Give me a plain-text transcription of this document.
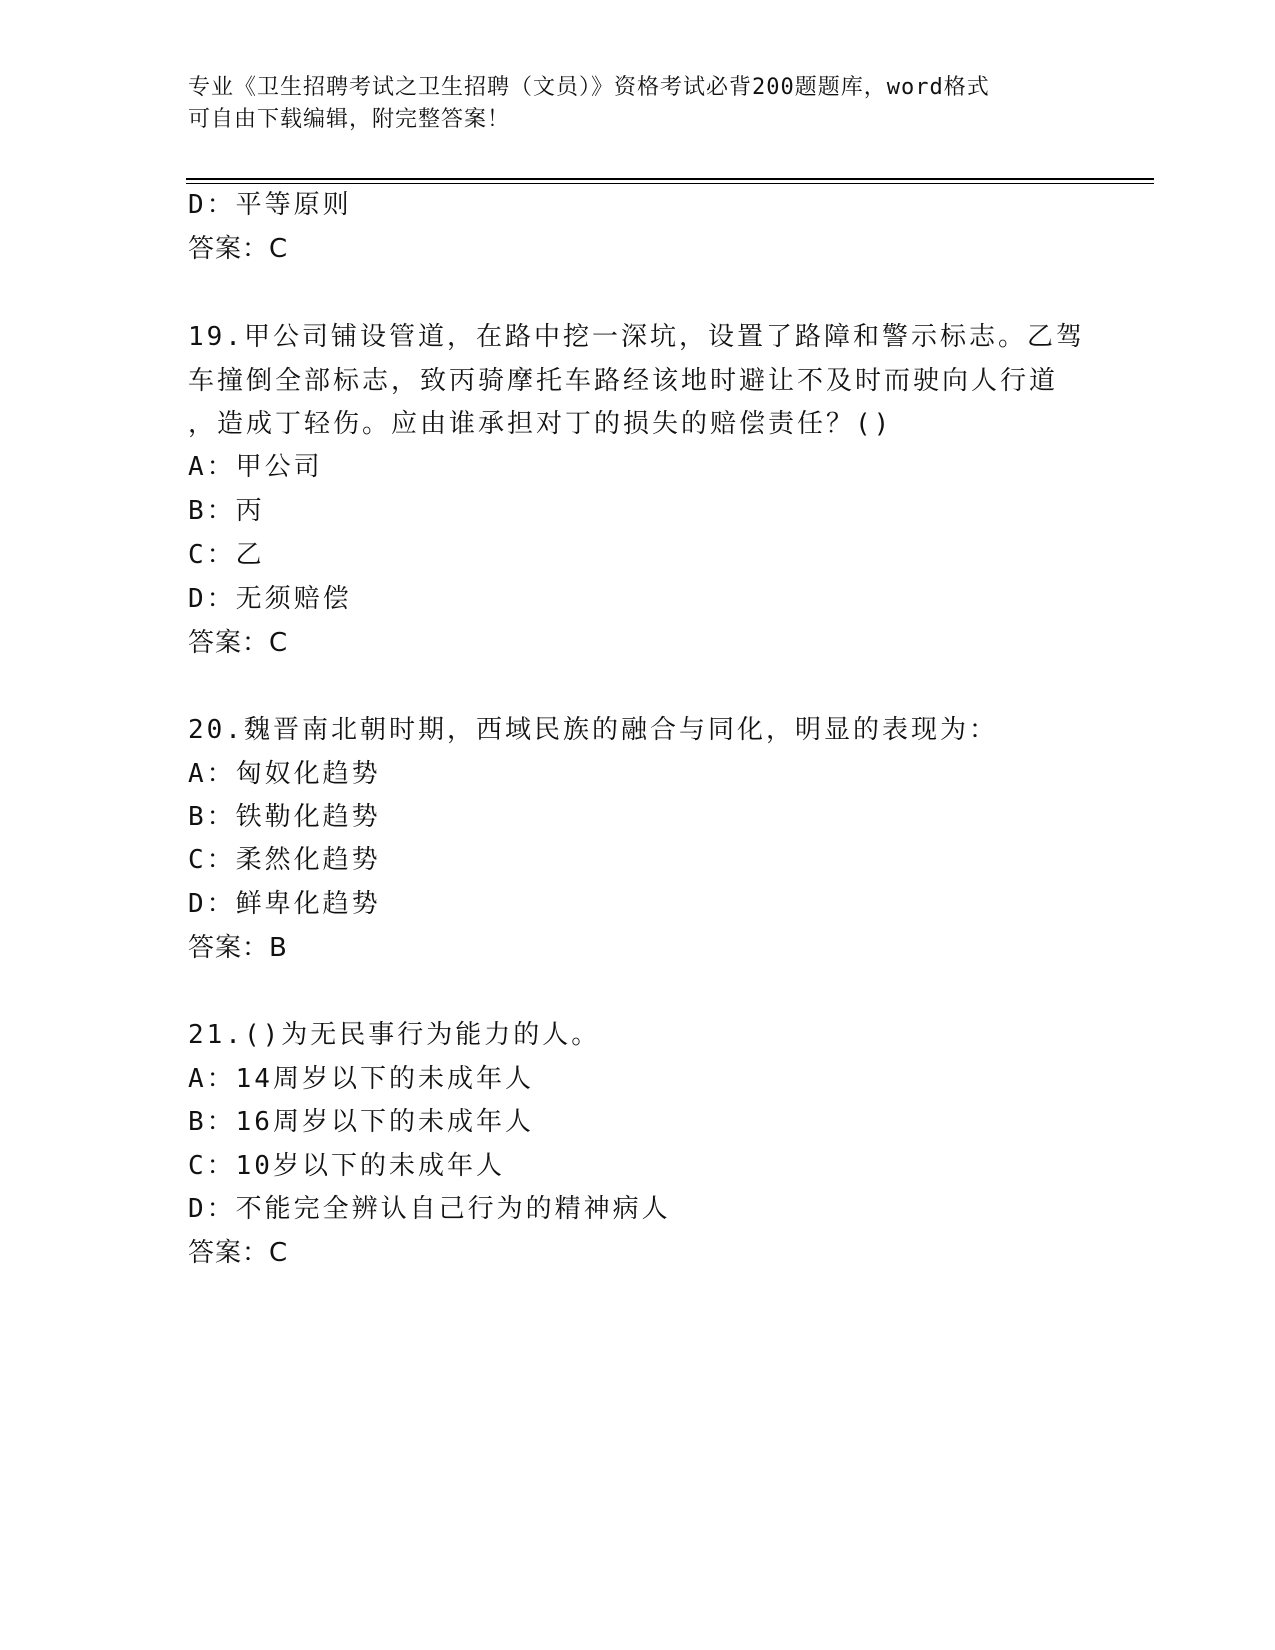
专业《卫生招聘考试之卫生招聘（文员）》资格考试必背200题题库，word格式
可自由下载编辑，附完整答案！
D：平等原则
答案：C
19.甲公司铺设管道，在路中挖一深坑，设置了路障和警示标志。乙驾
车撞倒全部标志，致丙骑摩托车路经该地时避让不及时而驶向人行道
，造成丁轻伤。应由谁承担对丁的损失的赔偿责任？()
A：甲公司
B：丙
C：乙
D：无须赔偿
答案：C
20.魏晋南北朝时期，西域民族的融合与同化，明显的表现为：
A：匈奴化趋势
B：铁勒化趋势
C：柔然化趋势
D：鲜卑化趋势
答案：B
21.()为无民事行为能力的人。
A：14周岁以下的未成年人
B：16周岁以下的未成年人
C：10岁以下的未成年人
D：不能完全辨认自己行为的精神病人
答案：C
